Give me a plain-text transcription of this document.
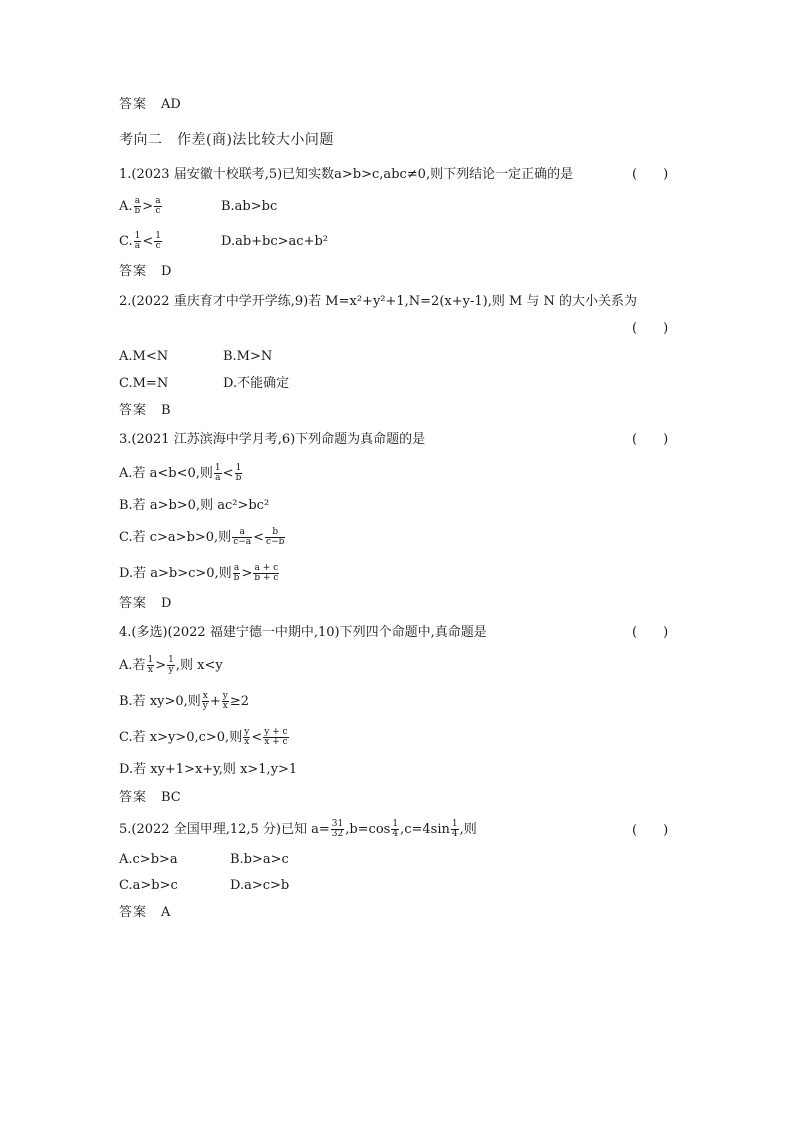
答案 AD
考向二　作差(商)法比较大小问题
1.(2023 届安徽十校联考,5)已知实数a>b>c,abc≠0,则下列结论一定正确的是	(　　)
A. $\frac{a}{b} > \frac{a}{c}$	B.ab>bc
C. $\frac{1}{a} < \frac{1}{c}$	D.ab+bc>ac+b²
答案 D
2.(2022 重庆育才中学开学练,9)若 M=x²+y²+1,N=2(x+y-1),则 M 与 N 的大小关系为
(　　)
A.M<N	B.M>N
C.M=N	D.不能确定
答案 B
3.(2021 江苏滨海中学月考,6)下列命题为真命题的是	(　　)
A.若 a<b<0,则 $\frac{1}{a} < \frac{1}{b}$
B.若 a>b>0,则 ac²>bc²
C.若 c>a>b>0,则 $\frac{a}{c-a} < \frac{b}{c-b}$
D.若 a>b>c>0,则 $\frac{a}{b} > \frac{a + c}{b + c}$
答案 D
4.(多选)(2022 福建宁德一中期中,10)下列四个命题中,真命题是	(　　)
A.若 $\frac{1}{x} > \frac{1}{y}$ ,则 x<y
B.若 xy>0,则 $\frac{x}{y} + \frac{y}{x} \ge 2$
C.若 x>y>0,c>0,则 $\frac{y}{x} < \frac{y + c}{x + c}$
D.若 xy+1>x+y,则 x>1,y>1
答案 BC
5.(2022 全国甲理,12,5 分)已知 $a= \frac{31}{32} ,b=\cos \frac{1}{4} ,c=4\sin \frac{1}{4}$ ,则	(　　)
A.c>b>a	B.b>a>c
C.a>b>c	D.a>c>b
答案 A
